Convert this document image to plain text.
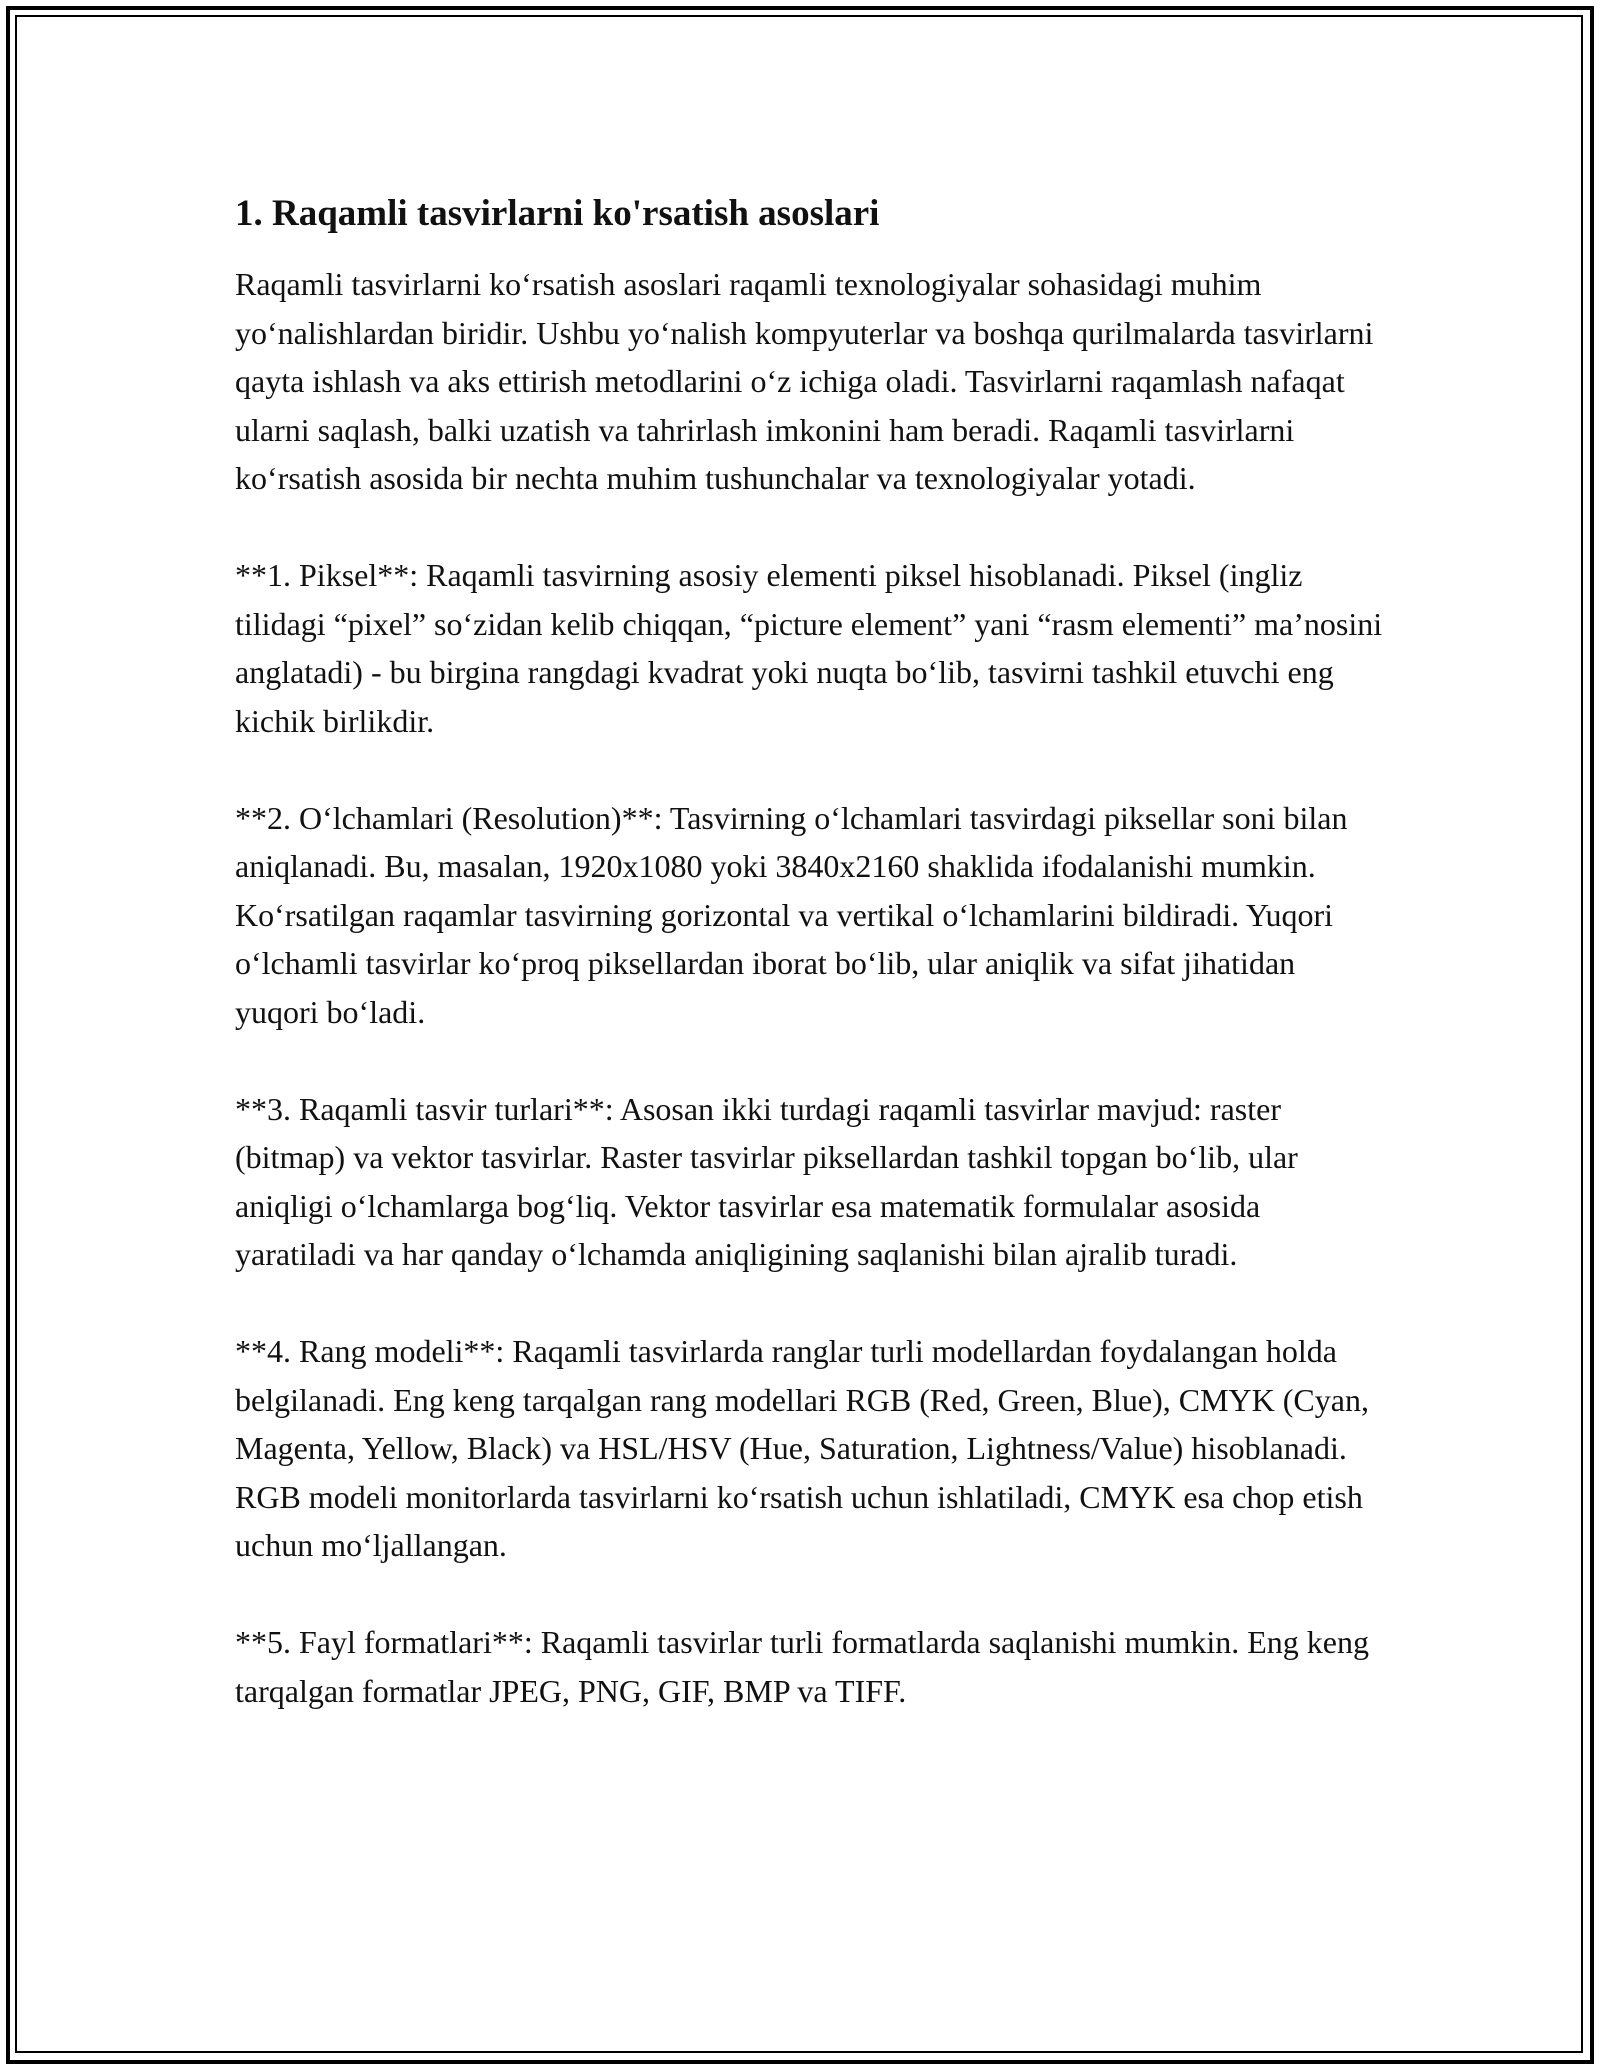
1. Raqamli tasvirlarni ko'rsatish asoslari

Raqamli tasvirlarni ko‘rsatish asoslari raqamli texnologiyalar sohasidagi muhim yo‘nalishlardan biridir. Ushbu yo‘nalish kompyuterlar va boshqa qurilmalarda tasvirlarni qayta ishlash va aks ettirish metodlarini o‘z ichiga oladi. Tasvirlarni raqamlash nafaqat ularni saqlash, balki uzatish va tahrirlash imkonini ham beradi. Raqamli tasvirlarni ko‘rsatish asosida bir nechta muhim tushunchalar va texnologiyalar yotadi.

**1. Piksel**: Raqamli tasvirning asosiy elementi piksel hisoblanadi. Piksel (ingliz tilidagi “pixel” so‘zidan kelib chiqqan, “picture element” yani “rasm elementi” ma’nosini anglatadi) - bu birgina rangdagi kvadrat yoki nuqta bo‘lib, tasvirni tashkil etuvchi eng kichik birlikdir.

**2. O‘lchamlari (Resolution)**: Tasvirning o‘lchamlari tasvirdagi piksellar soni bilan aniqlanadi. Bu, masalan, 1920x1080 yoki 3840x2160 shaklida ifodalanishi mumkin. Ko‘rsatilgan raqamlar tasvirning gorizontal va vertikal o‘lchamlarini bildiradi. Yuqori o‘lchamli tasvirlar ko‘proq piksellardan iborat bo‘lib, ular aniqlik va sifat jihatidan yuqori bo‘ladi.

**3. Raqamli tasvir turlari**: Asosan ikki turdagi raqamli tasvirlar mavjud: raster (bitmap) va vektor tasvirlar. Raster tasvirlar piksellardan tashkil topgan bo‘lib, ular aniqligi o‘lchamlarga bog‘liq. Vektor tasvirlar esa matematik formulalar asosida yaratiladi va har qanday o‘lchamda aniqligining saqlanishi bilan ajralib turadi.

**4. Rang modeli**: Raqamli tasvirlarda ranglar turli modellardan foydalangan holda belgilanadi. Eng keng tarqalgan rang modellari RGB (Red, Green, Blue), CMYK (Cyan, Magenta, Yellow, Black) va HSL/HSV (Hue, Saturation, Lightness/Value) hisoblanadi. RGB modeli monitorlarda tasvirlarni ko‘rsatish uchun ishlatiladi, CMYK esa chop etish uchun mo‘ljallangan.

**5. Fayl formatlari**: Raqamli tasvirlar turli formatlarda saqlanishi mumkin. Eng keng tarqalgan formatlar JPEG, PNG, GIF, BMP va TIFF.
